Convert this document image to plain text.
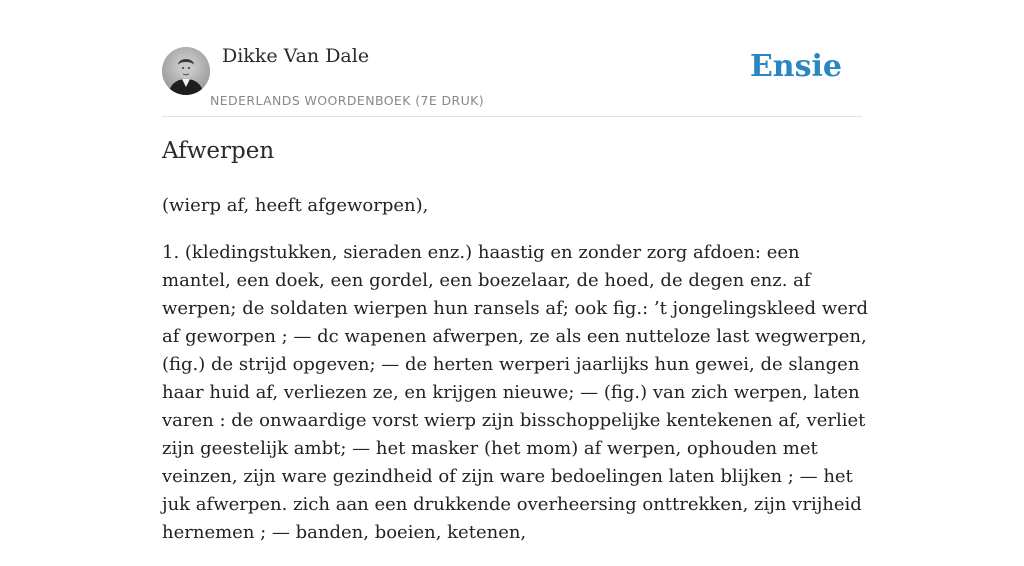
Dikke Van Dale
NEDERLANDS WOORDENBOEK (7E DRUK)
Ensie
Afwerpen

(wierp af, heeft afgeworpen),

1. (kledingstukken, sieraden enz.) haastig en zonder zorg afdoen: een mantel, een doek, een gordel, een boezelaar, de hoed, de degen enz. af werpen; de soldaten wierpen hun ransels af; ook fig.: ’t jongelingskleed werd af geworpen ; — dc wapenen afwerpen, ze als een nutteloze last wegwerpen, (fig.) de strijd opgeven; — de herten werperi jaarlijks hun gewei, de slangen haar huid af, verliezen ze, en krijgen nieuwe; — (fig.) van zich werpen, laten varen : de onwaardige vorst wierp zijn bisschoppelijke kentekenen af, verliet zijn geestelijk ambt; — het masker (het mom) af werpen, ophouden met veinzen, zijn ware gezindheid of zijn ware bedoelingen laten blijken ; — het juk afwerpen. zich aan een drukkende overheersing onttrekken, zijn vrijheid hernemen ; — banden, boeien, ketenen,
